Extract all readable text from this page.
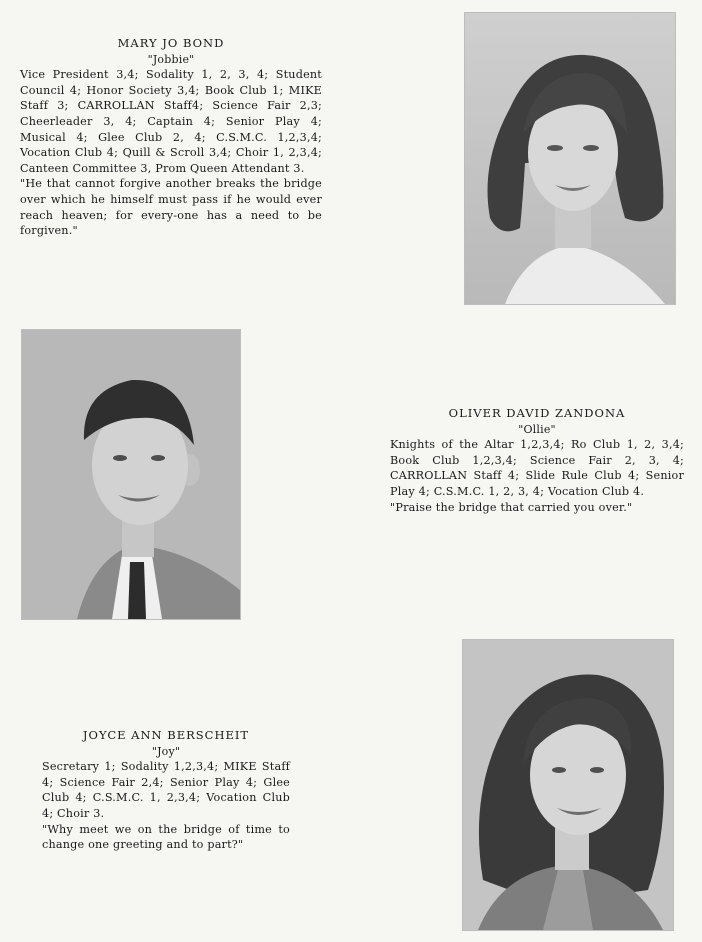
MARY JO BOND
"Jobbie"
Vice President 3,4; Sodality 1, 2, 3, 4; Student Council 4; Honor Society 3,4; Book Club 1; MIKE Staff 3; CARROLLAN Staff4; Science Fair 2,3; Cheerleader 3, 4; Captain 4; Senior Play 4; Musical 4; Glee Club 2, 4; C.S.M.C. 1,2,3,4; Vocation Club 4; Quill & Scroll 3,4; Choir 1, 2,3,4; Canteen Committee 3, Prom Queen Attendant 3.
"He that cannot forgive another breaks the bridge over which he himself must pass if he would ever reach heaven; for every-one has a need to be forgiven."
OLIVER DAVID ZANDONA
"Ollie"
Knights of the Altar 1,2,3,4; Ro Club 1, 2, 3,4; Book Club 1,2,3,4; Science Fair 2, 3, 4; CARROLLAN Staff 4; Slide Rule Club 4; Senior Play 4; C.S.M.C. 1, 2, 3, 4; Vocation Club 4.
"Praise the bridge that carried you over."
JOYCE ANN BERSCHEIT
"Joy"
Secretary 1; Sodality 1,2,3,4; MIKE Staff 4; Science Fair 2,4; Senior Play 4; Glee Club 4; C.S.M.C. 1, 2,3,4; Vocation Club 4; Choir 3.
"Why meet we on the bridge of time to change one greeting and to part?"
